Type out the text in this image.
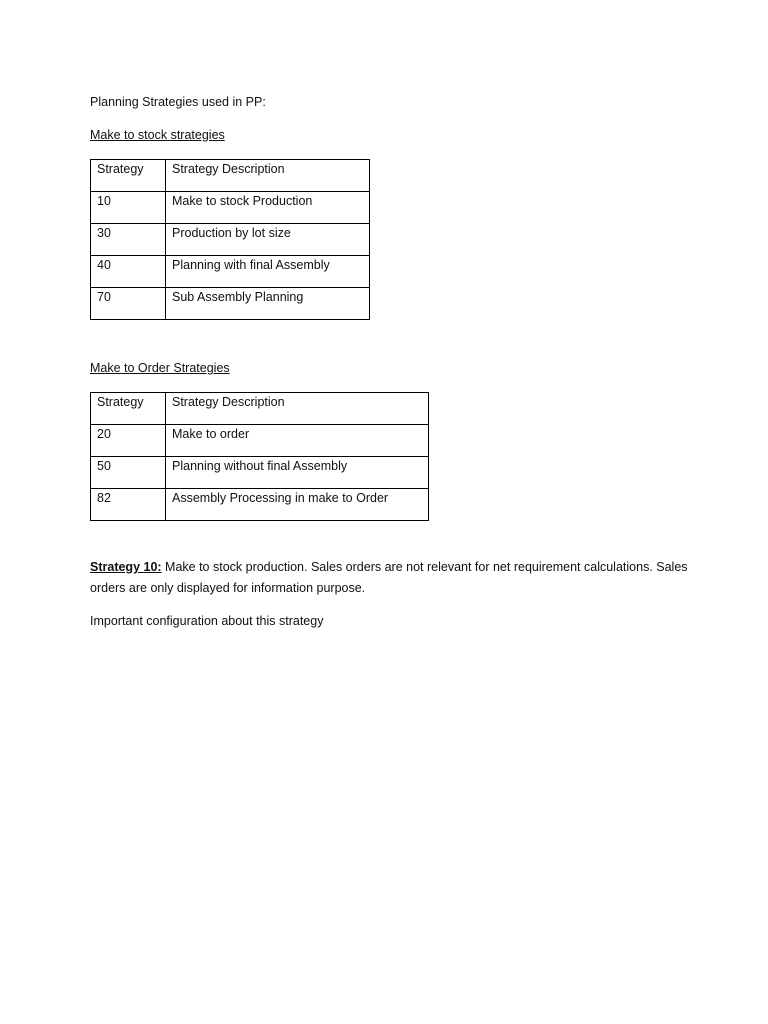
Planning Strategies used in PP:
Make to stock strategies
Strategy	Strategy Description

10	Make to stock Production

30	Production by lot size

40	Planning with final Assembly

70	Sub Assembly Planning
Make to Order Strategies
Strategy	Strategy Description

20	Make to order

50	Planning without final Assembly

82	Assembly Processing in make to Order
Strategy 10: Make to stock production. Sales orders are not relevant for net requirement calculations. Sales orders are only displayed for information purpose.
Important configuration about this strategy
